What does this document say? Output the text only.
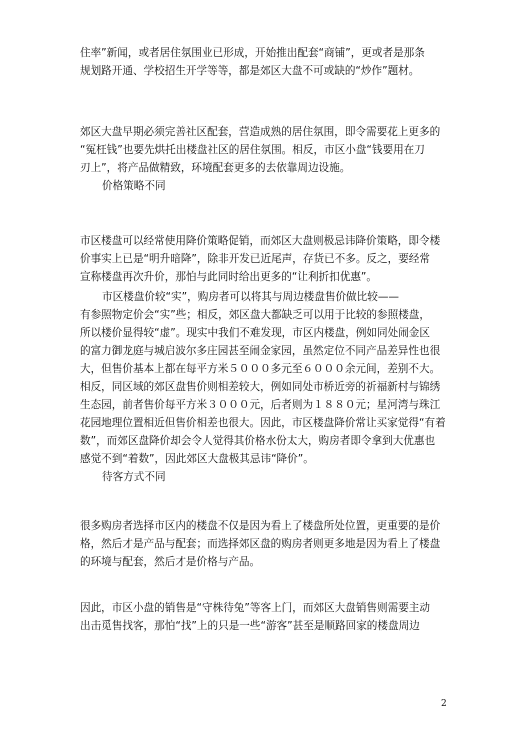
住率”新闻，或者居住氛围业已形成，开始推出配套“商铺”，更或者是那条
规划路开通、学校招生开学等等，都是郊区大盘不可或缺的“炒作”题材。
郊区大盘早期必须完善社区配套，营造成熟的居住氛围，即令需要花上更多的
“冤枉钱”也要先烘托出楼盘社区的居住氛围。相反，市区小盘“钱要用在刀
刃上”，将产品做精致，环境配套更多的去依靠周边设施。
价格策略不同
市区楼盘可以经常使用降价策略促销，而郊区大盘则极忌讳降价策略，即令楼
价事实上已是“明升暗降”，除非开发已近尾声，存货已不多。反之，要经常
宣称楼盘再次升价，那怕与此同时给出更多的“让利折扣优惠”。
市区楼盘价较“实”，购房者可以将其与周边楼盘售价做比较——
有参照物定价会“实”些；相反，郊区盘大都缺乏可以用于比较的参照楼盘，
所以楼价显得较“虚”。现实中我们不难发现，市区内楼盘，例如同处闹金区
的富力御龙庭与城启波尔多庄园甚至闹金家园，虽然定位不同产品差异性也很
大，但售价基本上都在每平方米５０００多元至６０００余元间，差别不大。
相反，同区域的郊区盘售价则相差较大，例如同处市桥近旁的祈福新村与锦绣
生态园，前者售价每平方米３０００元，后者则为１８８０元；星河湾与珠江
花园地理位置相近但售价相差也很大。因此，市区楼盘降价常让买家觉得“有着
数”，而郊区盘降价却会令人觉得其价格水份太大，购房者即令拿到大优惠也
感觉不到“着数”，因此郊区大盘极其忌讳“降价”。
待客方式不同
很多购房者选择市区内的楼盘不仅是因为看上了楼盘所处位置，更重要的是价
格，然后才是产品与配套；而选择郊区盘的购房者则更多地是因为看上了楼盘
的环境与配套，然后才是价格与产品。
因此，市区小盘的销售是“守株待兔”等客上门，而郊区大盘销售则需要主动
出击觅售找客，那怕“找”上的只是一些“游客”甚至是顺路回家的楼盘周边
2
